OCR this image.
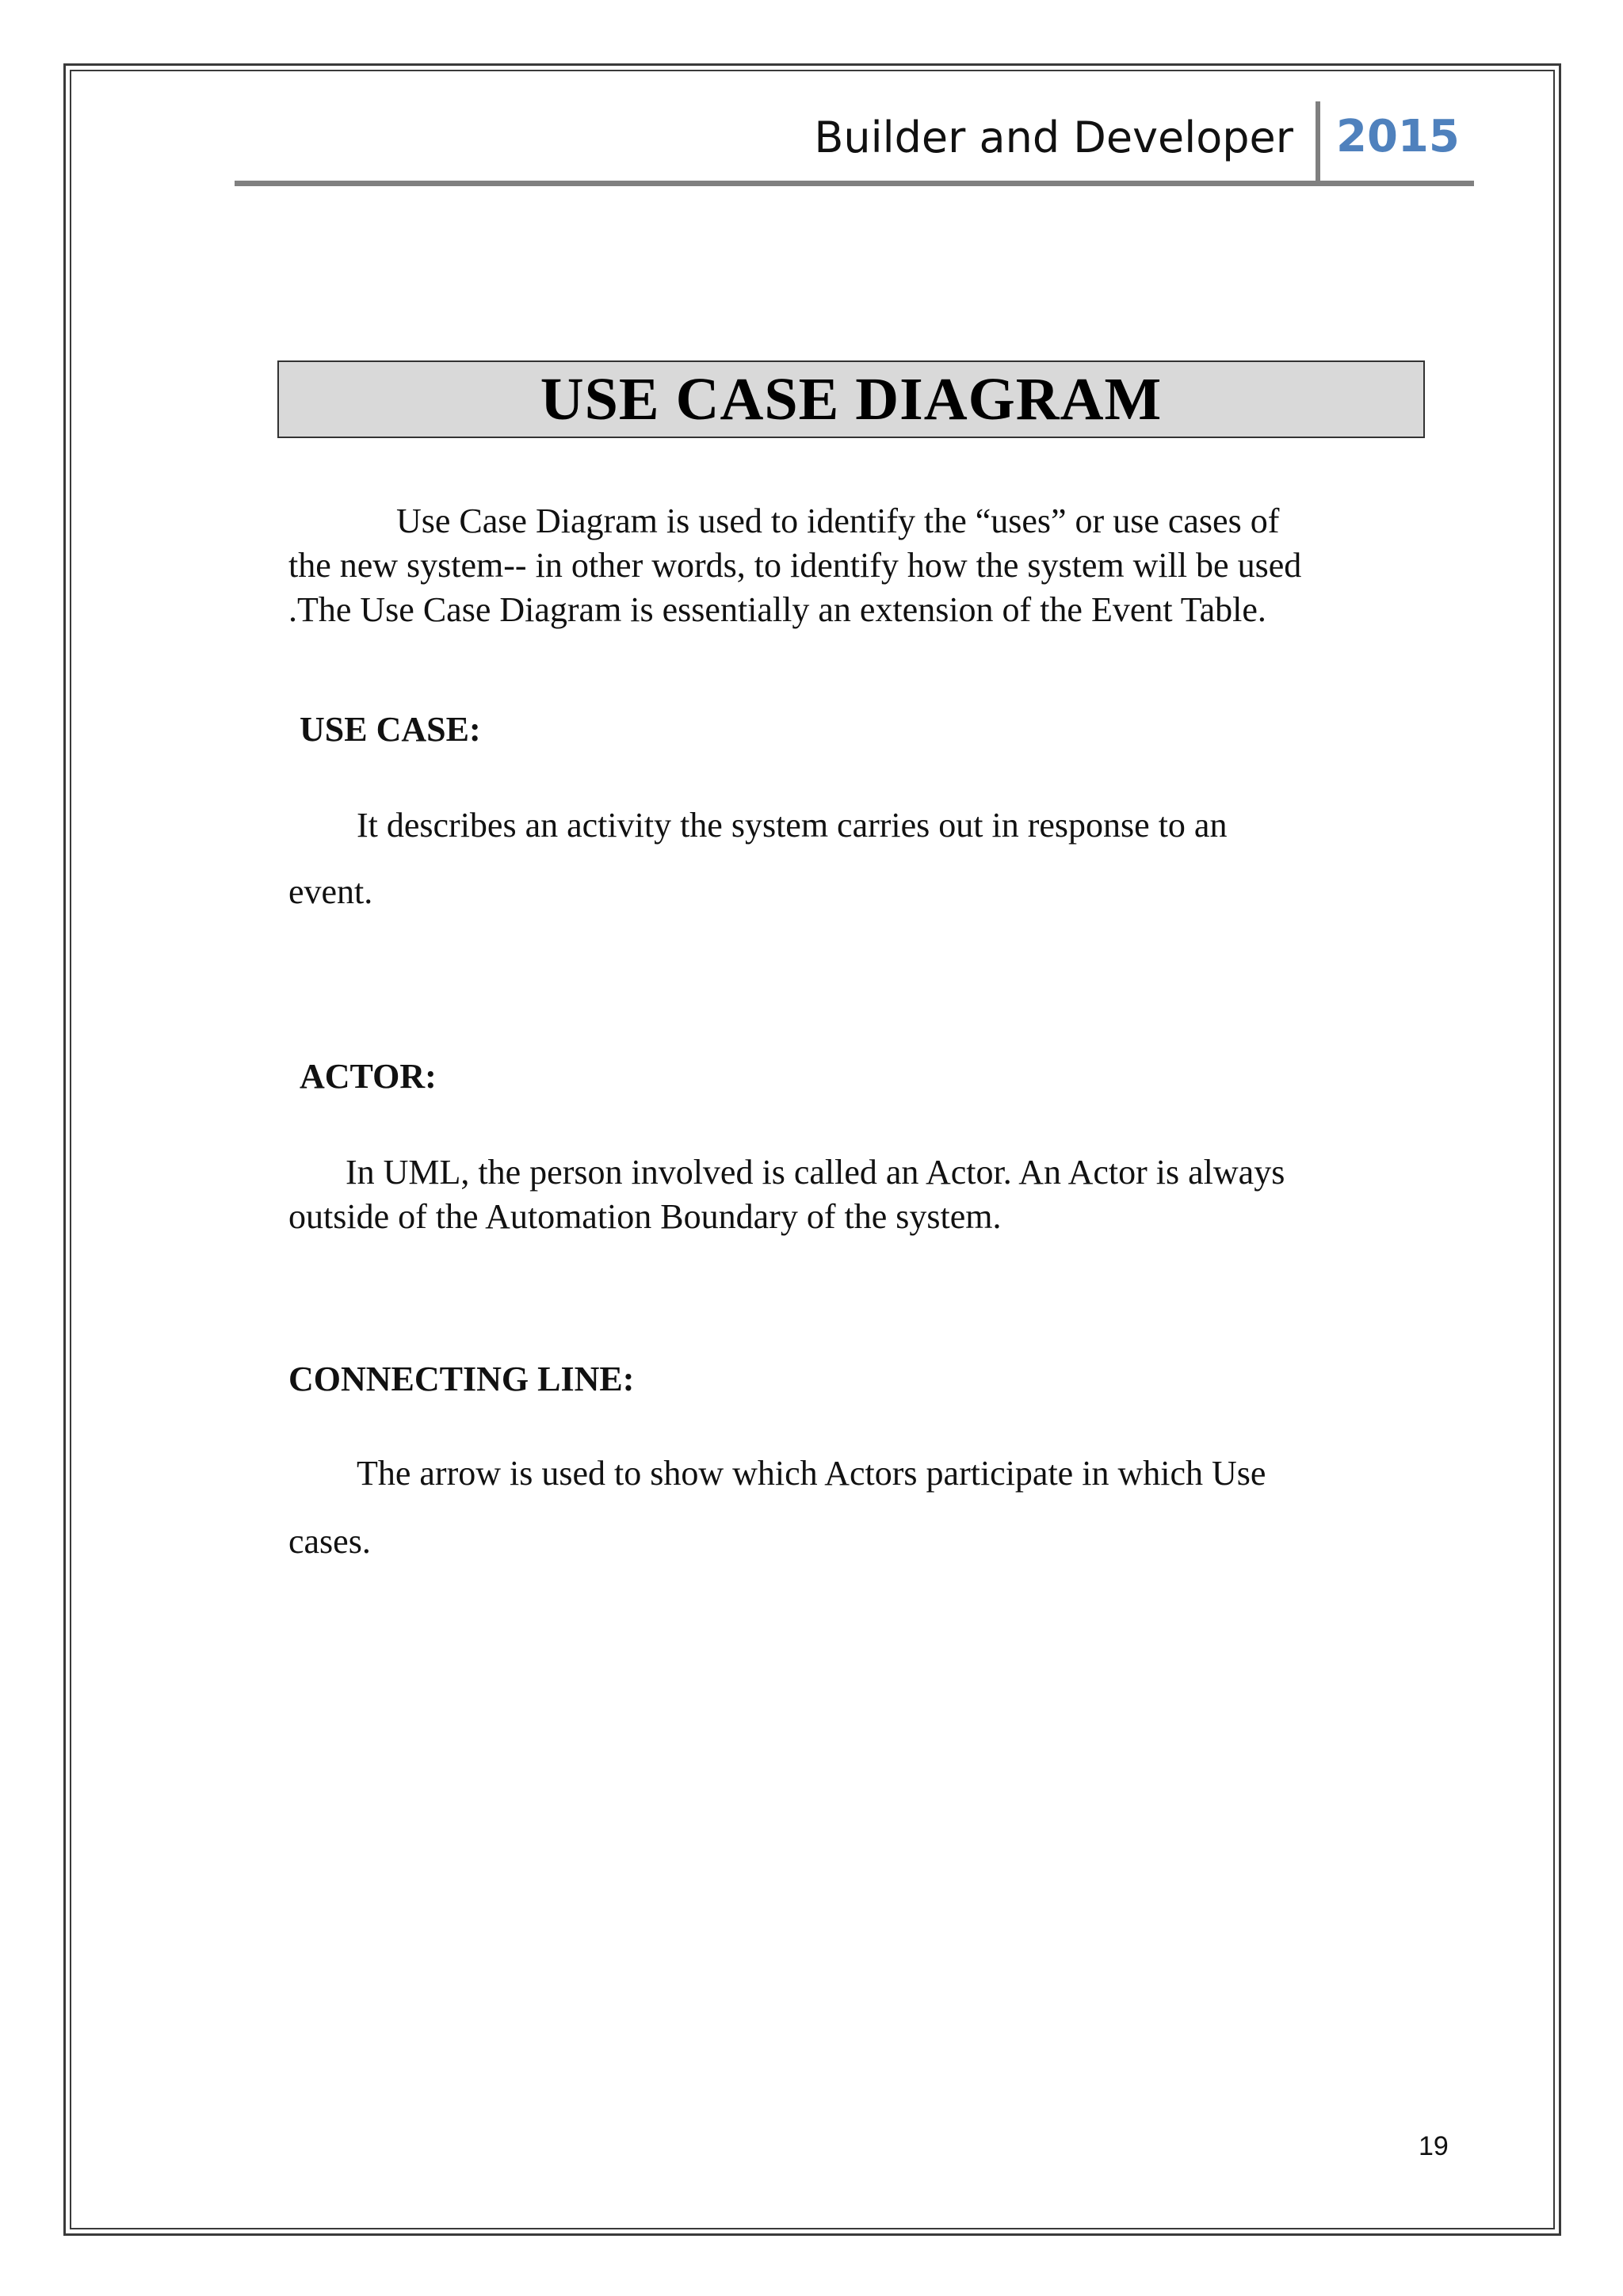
Builder and Developer 2015
USE CASE DIAGRAM
Use Case Diagram is used to identify the “uses” or use cases of
the new system-- in other words, to identify how the system will be used
.The Use Case Diagram is essentially an extension of the Event Table.
USE CASE:
It describes an activity the system carries out in response to an
event.
ACTOR:
In UML, the person involved is called an Actor. An Actor is always
outside of the Automation Boundary of the system.
CONNECTING LINE:
The arrow is used to show which Actors participate in which Use
cases.
19
